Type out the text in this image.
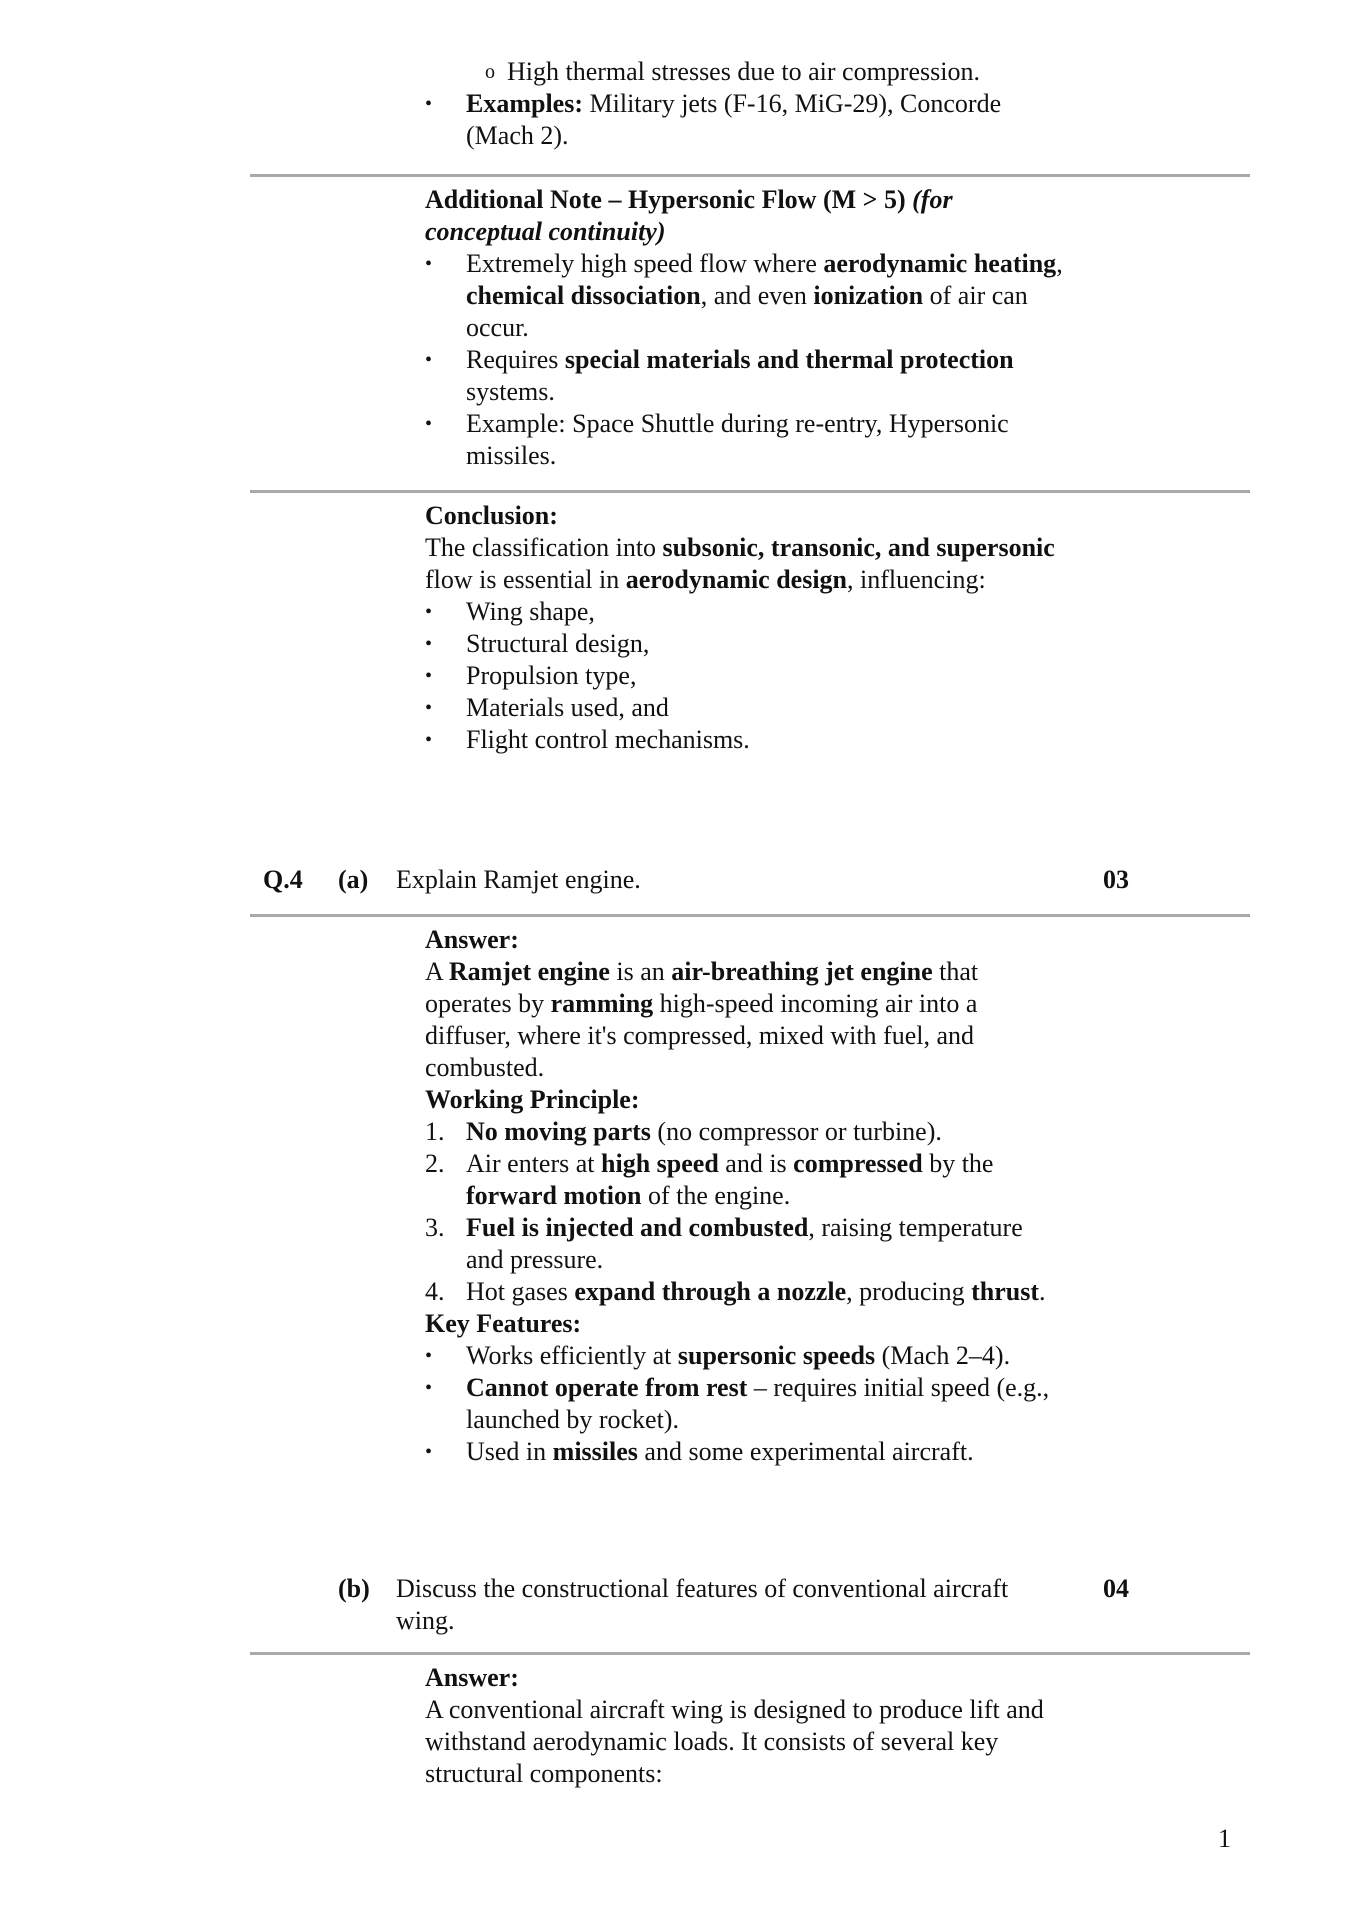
o High thermal stresses due to air compression.
• Examples: Military jets (F-16, MiG-29), Concorde (Mach 2).

Additional Note – Hypersonic Flow (M > 5) (for conceptual continuity)

• Extremely high speed flow where aerodynamic heating, chemical dissociation, and even ionization of air can occur.
• Requires special materials and thermal protection systems.
• Example: Space Shuttle during re-entry, Hypersonic missiles.

Conclusion:

The classification into subsonic, transonic, and supersonic flow is essential in aerodynamic design, influencing:

• Wing shape,
• Structural design,
• Propulsion type,
• Materials used, and
• Flight control mechanisms.
Q.4 (a) Explain Ramjet engine.	03

Answer:

A Ramjet engine is an air-breathing jet engine that operates by ramming high-speed incoming air into a diffuser, where it's compressed, mixed with fuel, and combusted.

Working Principle:

1. No moving parts (no compressor or turbine).
2. Air enters at high speed and is compressed by the forward motion of the engine.
3. Fuel is injected and combusted, raising temperature and pressure.
4. Hot gases expand through a nozzle, producing thrust.

Key Features:

• Works efficiently at supersonic speeds (Mach 2–4).
• Cannot operate from rest – requires initial speed (e.g., launched by rocket).
• Used in missiles and some experimental aircraft.
(b) Discuss the constructional features of conventional aircraft wing.
04

Answer:

A conventional aircraft wing is designed to produce lift and withstand aerodynamic loads. It consists of several key structural components:

1
